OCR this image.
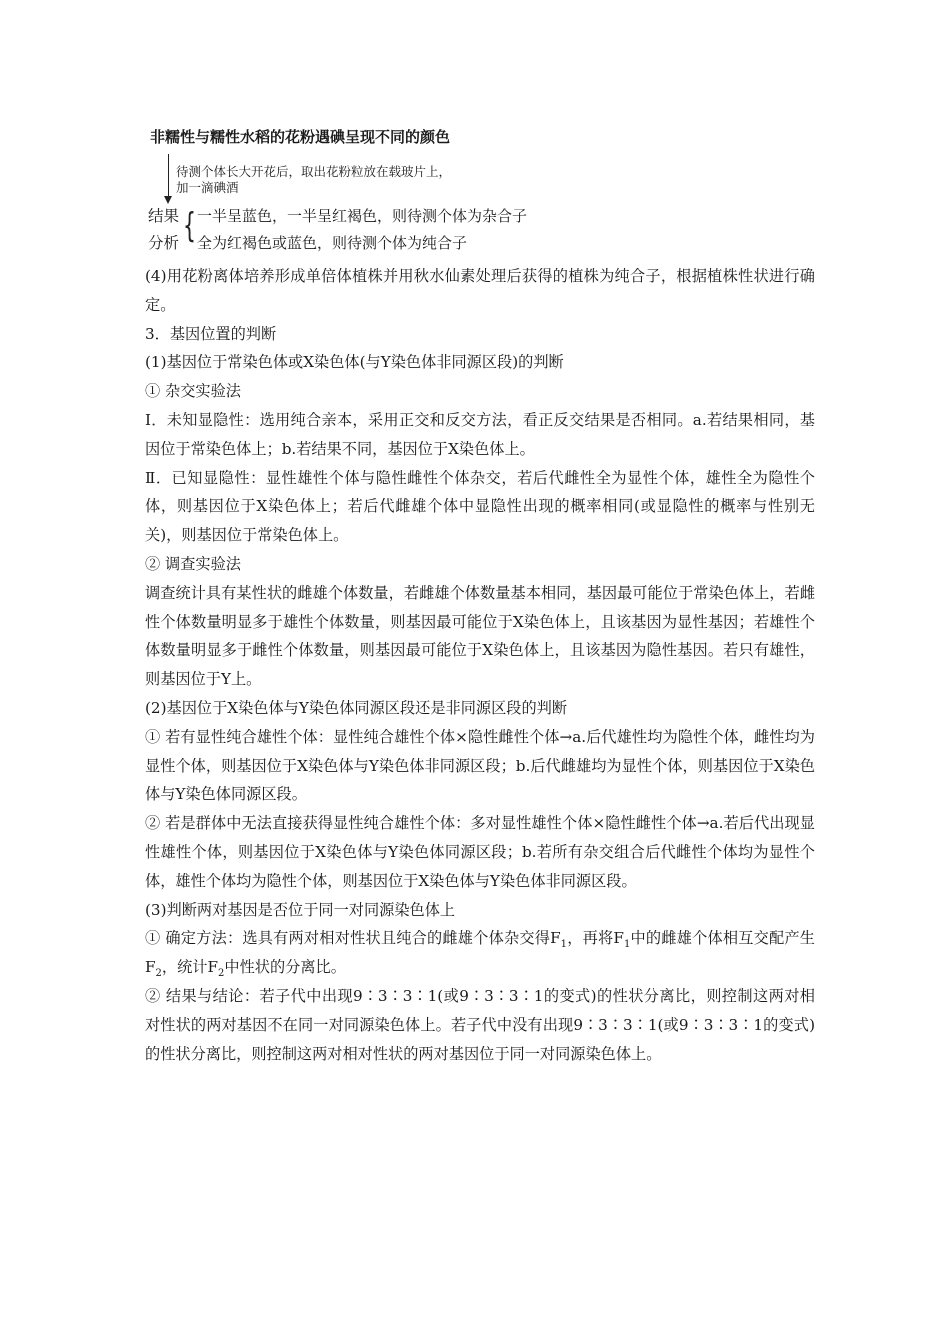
非糯性与糯性水稻的花粉遇碘呈现不同的颜色
待测个体长大开花后，取出花粉粒放在载玻片上，
加一滴碘酒
结果
分析 { 一半呈蓝色，一半呈红褐色，则待测个体为杂合子
全为红褐色或蓝色，则待测个体为纯合子

(4)用花粉离体培养形成单倍体植株并用秋水仙素处理后获得的植株为纯合子，根据植株性状进行确定。

3．基因位置的判断

(1)基因位于常染色体或X染色体(与Y染色体非同源区段)的判断

① 杂交实验法

Ⅰ．未知显隐性：选用纯合亲本，采用正交和反交方法，看正反交结果是否相同。a.若结果相同，基因位于常染色体上；b.若结果不同，基因位于X染色体上。

Ⅱ．已知显隐性：显性雄性个体与隐性雌性个体杂交，若后代雌性全为显性个体，雄性全为隐性个体，则基因位于X染色体上；若后代雌雄个体中显隐性出现的概率相同(或显隐性的概率与性别无关)，则基因位于常染色体上。

② 调查实验法

调查统计具有某性状的雌雄个体数量，若雌雄个体数量基本相同，基因最可能位于常染色体上，若雌性个体数量明显多于雄性个体数量，则基因最可能位于X染色体上，且该基因为显性基因；若雄性个体数量明显多于雌性个体数量，则基因最可能位于X染色体上，且该基因为隐性基因。若只有雄性，则基因位于Y上。

(2)基因位于X染色体与Y染色体同源区段还是非同源区段的判断

① 若有显性纯合雄性个体：显性纯合雄性个体×隐性雌性个体→a.后代雄性均为隐性个体，雌性均为显性个体，则基因位于X染色体与Y染色体非同源区段；b.后代雌雄均为显性个体，则基因位于X染色体与Y染色体同源区段。

② 若是群体中无法直接获得显性纯合雄性个体：多对显性雄性个体×隐性雌性个体→a.若后代出现显性雄性个体，则基因位于X染色体与Y染色体同源区段；b.若所有杂交组合后代雌性个体均为显性个体，雄性个体均为隐性个体，则基因位于X染色体与Y染色体非同源区段。

(3)判断两对基因是否位于同一对同源染色体上

① 确定方法：选具有两对相对性状且纯合的雌雄个体杂交得$F_1$，再将$F_1$中的雌雄个体相互交配产生$F_2$，统计$F_2$中性状的分离比。

② 结果与结论：若子代中出现9∶3∶3∶1(或9∶3∶3∶1的变式)的性状分离比，则控制这两对相对性状的两对基因不在同一对同源染色体上。若子代中没有出现9∶3∶3∶1(或9∶3∶3∶1的变式)的性状分离比，则控制这两对相对性状的两对基因位于同一对同源染色体上。
